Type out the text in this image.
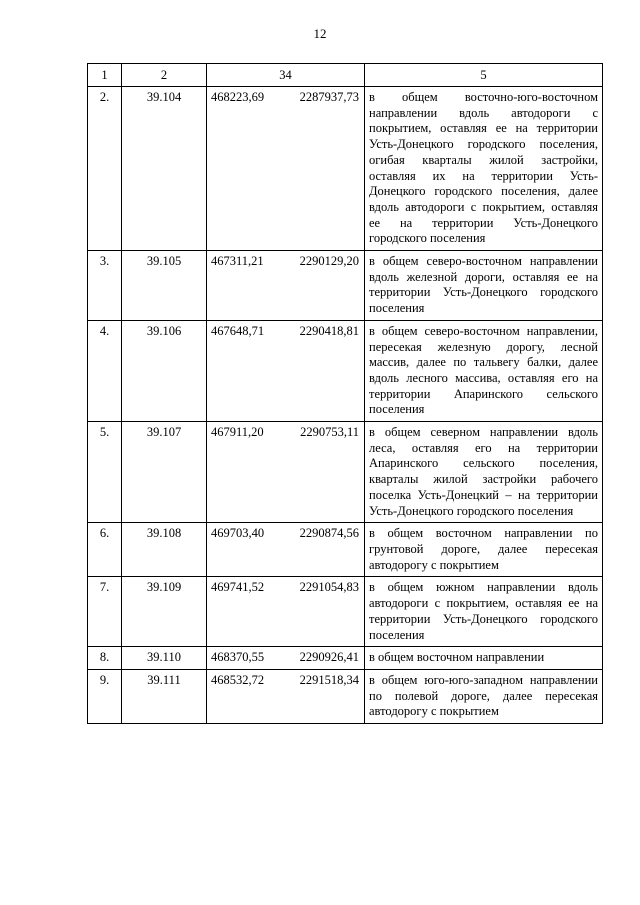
12
1	2	34	5
2.	39.104	468223,69 2287937,73	в общем восточно-юго-восточном направлении вдоль автодороги с покрытием, оставляя ее на территории Усть-Донецкого городского поселения, огибая кварталы жилой застройки, оставляя их на территории Усть-Донецкого городского поселения, далее вдоль автодороги с покрытием, оставляя ее на территории Усть-Донецкого городского поселения
3.	39.105	467311,21 2290129,20	в общем северо-восточном направлении вдоль железной дороги, оставляя ее на территории Усть-Донецкого городского поселения
4.	39.106	467648,71 2290418,81	в общем северо-восточном направлении, пересекая железную дорогу, лесной массив, далее по тальвегу балки, далее вдоль лесного массива, оставляя его на территории Апаринского сельского поселения
5.	39.107	467911,20 2290753,11	в общем северном направлении вдоль леса, оставляя его на территории Апаринского сельского поселения, кварталы жилой застройки рабочего поселка Усть-Донецкий – на территории Усть-Донецкого городского поселения
6.	39.108	469703,40 2290874,56	в общем восточном направлении по грунтовой дороге, далее пересекая автодорогу с покрытием
7.	39.109	469741,52 2291054,83	в общем южном направлении вдоль автодороги с покрытием, оставляя ее на территории Усть-Донецкого городского поселения
8.	39.110	468370,55 2290926,41	в общем восточном направлении
9.	39.111	468532,72 2291518,34	в общем юго-юго-западном направлении по полевой дороге, далее пересекая автодорогу с покрытием
